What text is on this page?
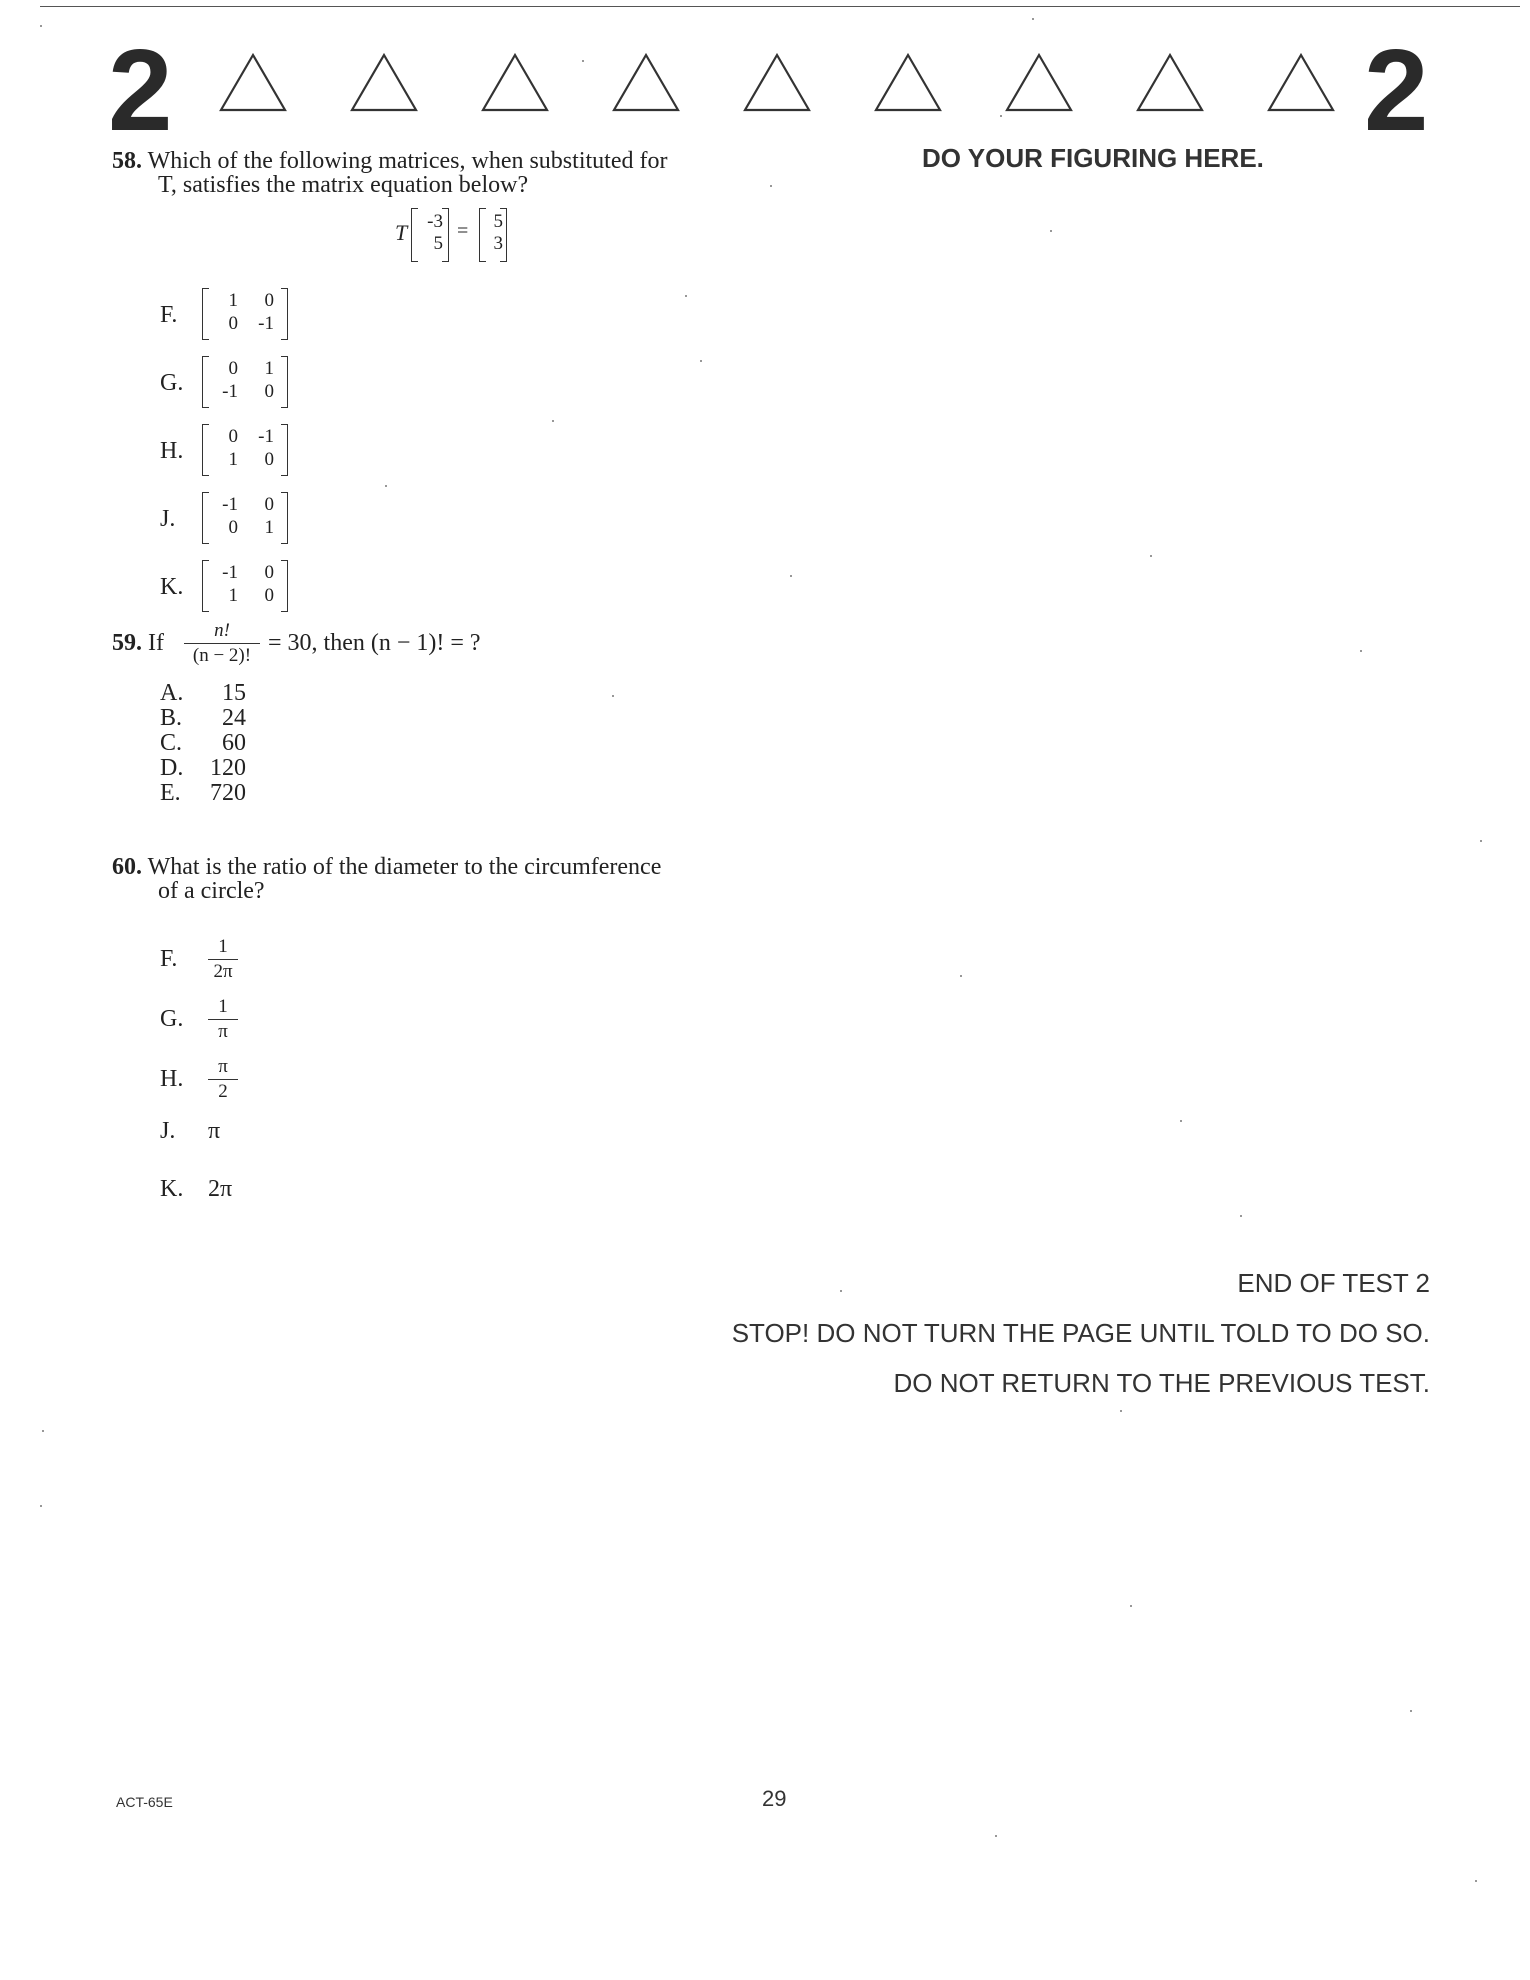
2	2
DO YOUR FIGURING HERE.
58. Which of the following matrices, when substituted for
T, satisfies the matrix equation below?
T	-3
5
=	5
3
F.
1	0
0	-1
G.
0	1
-1	0
H.
0	-1
1	0
J.
-1	0
0	1
K.
-1	0
1	0
59. If	n!
(n − 2)! = 30, then (n − 1)! = ?
A.	15
B.	24
C.	60
D. 120
E. 720
60. What is the ratio of the diameter to the circumference
of a circle?
F.	1
2π
G.	1
π
H.	π
2
J. π
K. 2π
END OF TEST 2
STOP! DO NOT TURN THE PAGE UNTIL TOLD TO DO SO.
DO NOT RETURN TO THE PREVIOUS TEST.
ACT-65E	29
